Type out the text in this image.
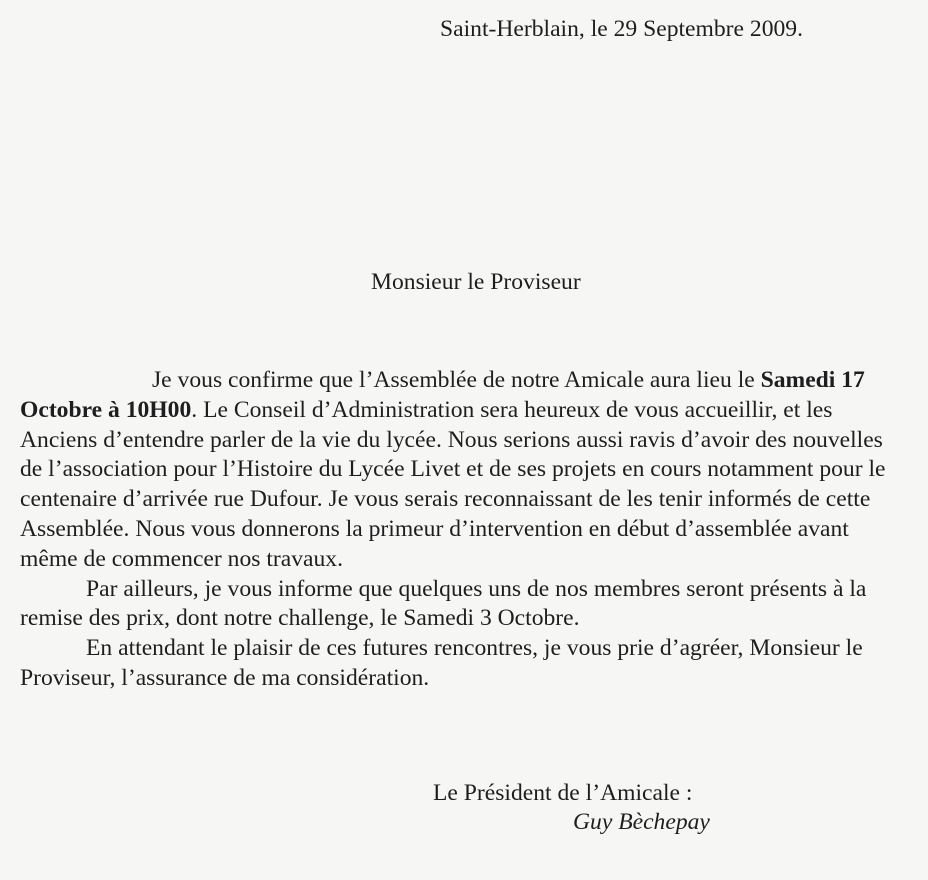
Saint-Herblain, le 29 Septembre 2009.
Monsieur le Proviseur

Je vous confirme que l’Assemblée de notre Amicale aura lieu le Samedi 17 Octobre à 10H00. Le Conseil d’Administration sera heureux de vous accueillir, et les Anciens d’entendre parler de la vie du lycée. Nous serions aussi ravis d’avoir des nouvelles de l’association pour l’Histoire du Lycée Livet et de ses projets en cours notamment pour le centenaire d’arrivée rue Dufour. Je vous serais reconnaissant de les tenir informés de cette Assemblée. Nous vous donnerons la primeur d’intervention en début d’assemblée avant même de commencer nos travaux.

Par ailleurs, je vous informe que quelques uns de nos membres seront présents à la remise des prix, dont notre challenge, le Samedi 3 Octobre.

En attendant le plaisir de ces futures rencontres, je vous prie d’agréer, Monsieur le Proviseur, l’assurance de ma considération.

Le Président de l’Amicale :
Guy Bèchepay
